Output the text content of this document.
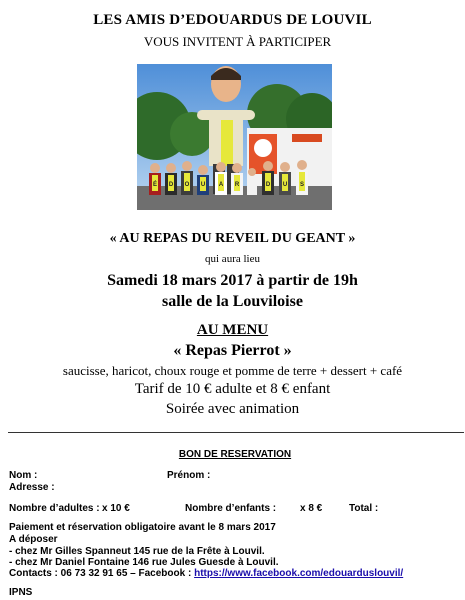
LES AMIS D’EDOUARDUS DE LOUVIL
VOUS INVITENT À PARTICIPER
É D O U A R	D U S
« AU REPAS DU REVEIL DU GEANT »
qui aura lieu
Samedi 18 mars 2017 à partir de 19h
salle de la Louviloise
AU MENU
« Repas Pierrot »
saucisse, haricot, choux rouge et pomme de terre + dessert + café
Tarif de 10 € adulte et 8 € enfant
Soirée avec animation
BON DE RESERVATION
Nom :	Prénom :
Adresse :
Nombre d’adultes : x 10 €	Nombre d’enfants : x 8 €	Total :
Paiement et réservation obligatoire avant le 8 mars 2017
A déposer
- chez Mr Gilles Spanneut 145 rue de la Frête à Louvil.
- chez Mr Daniel Fontaine 146 rue Jules Guesde à Louvil.
Contacts : 06 73 32 91 65 – Facebook : https://www.facebook.com/edouarduslouvil/
IPNS
